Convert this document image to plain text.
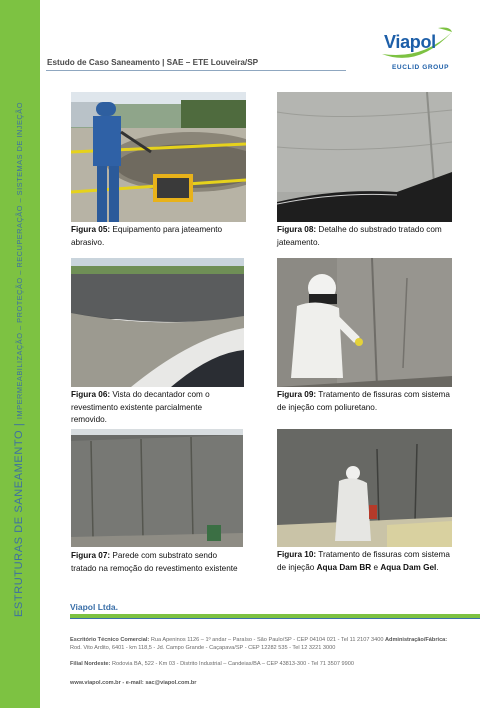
ESTRUTURAS DE SANEAMENTO | IMPERMEABILIZAÇÃO – PROTEÇÃO – RECUPERAÇÃO – SISTEMAS DE INJEÇÃO
Estudo de Caso Saneamento | SAE – ETE Louveira/SP
Viapol
EUCLID GROUP
Figura 05: Equipamento para jateamento
abrasivo.
Figura 08: Detalhe do substrado tratado com
jateamento.
Figura 06: Vista do decantador com o
revestimento existente parcialmente
removido.
Figura 09: Tratamento de fissuras com sistema
de injeção com poliuretano.
Figura 07: Parede com substrato sendo
tratado na remoção do revestimento existente
Figura 10: Tratamento de fissuras com sistema
de injeção Aqua Dam BR e Aqua Dam Gel.
Viapol Ltda.
Escritório Técnico Comercial: Rua Apeninos 1126 – 1º andar – Paraíso - São Paulo/SP - CEP 04104 021 - Tel 11 2107 3400 Administração/Fábrica:
Rod. Vito Ardito, 6401 - km 118,5 - Jd. Campo Grande - Caçapava/SP - CEP 12282 535 - Tel 12 3221 3000
Filial Nordeste: Rodovia BA, 522 - Km 03 - Distrito Industrial – Candeias/BA – CEP 43813-300 - Tel 71 3507 9900
www.viapol.com.br - e-mail: sac@viapol.com.br
